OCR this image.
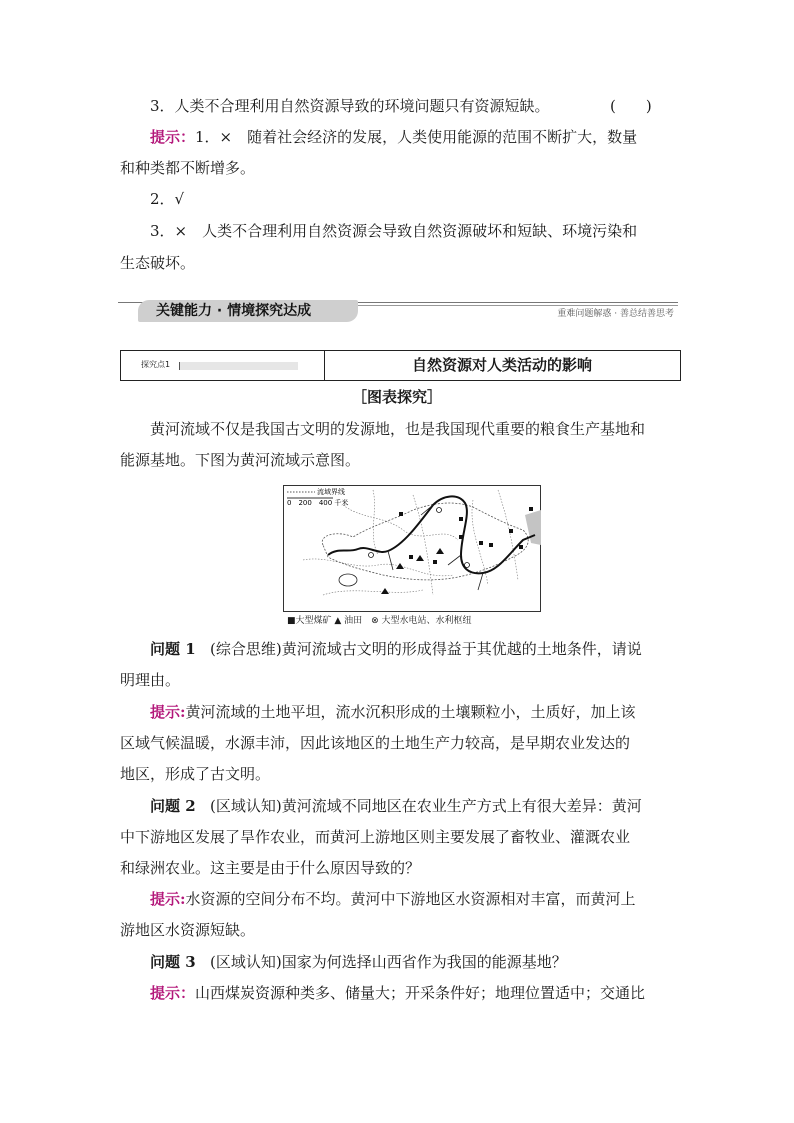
3．人类不合理利用自然资源导致的环境问题只有资源短缺。	(　　)
提示：1．×　随着社会经济的发展，人类使用能源的范围不断扩大，数量
和种类都不断增多。
2．√
3．×　人类不合理利用自然资源会导致自然资源破坏和短缺、环境污染和
生态破坏。
关键能力 · 情境探究达成	重难问题解惑 · 善总结善思考
探究点1	自然资源对人类活动的影响
［图表探究］
黄河流域不仅是我国古文明的发源地，也是我国现代重要的粮食生产基地和
能源基地。下图为黄河流域示意图。
流域界线
0　200　400 千米
■大型煤矿 ▲ 油田　⊗ 大型水电站、水利枢纽
问题 1 (综合思维)黄河流域古文明的形成得益于其优越的土地条件，请说
明理由。
提示:黄河流域的土地平坦，流水沉积形成的土壤颗粒小，土质好，加上该
区域气候温暖，水源丰沛，因此该地区的土地生产力较高，是早期农业发达的
地区，形成了古文明。
问题 2 (区域认知)黄河流域不同地区在农业生产方式上有很大差异：黄河
中下游地区发展了旱作农业，而黄河上游地区则主要发展了畜牧业、灌溉农业
和绿洲农业。这主要是由于什么原因导致的？
提示:水资源的空间分布不均。黄河中下游地区水资源相对丰富，而黄河上
游地区水资源短缺。
问题 3 (区域认知)国家为何选择山西省作为我国的能源基地？
提示：山西煤炭资源种类多、储量大；开采条件好；地理位置适中；交通比
